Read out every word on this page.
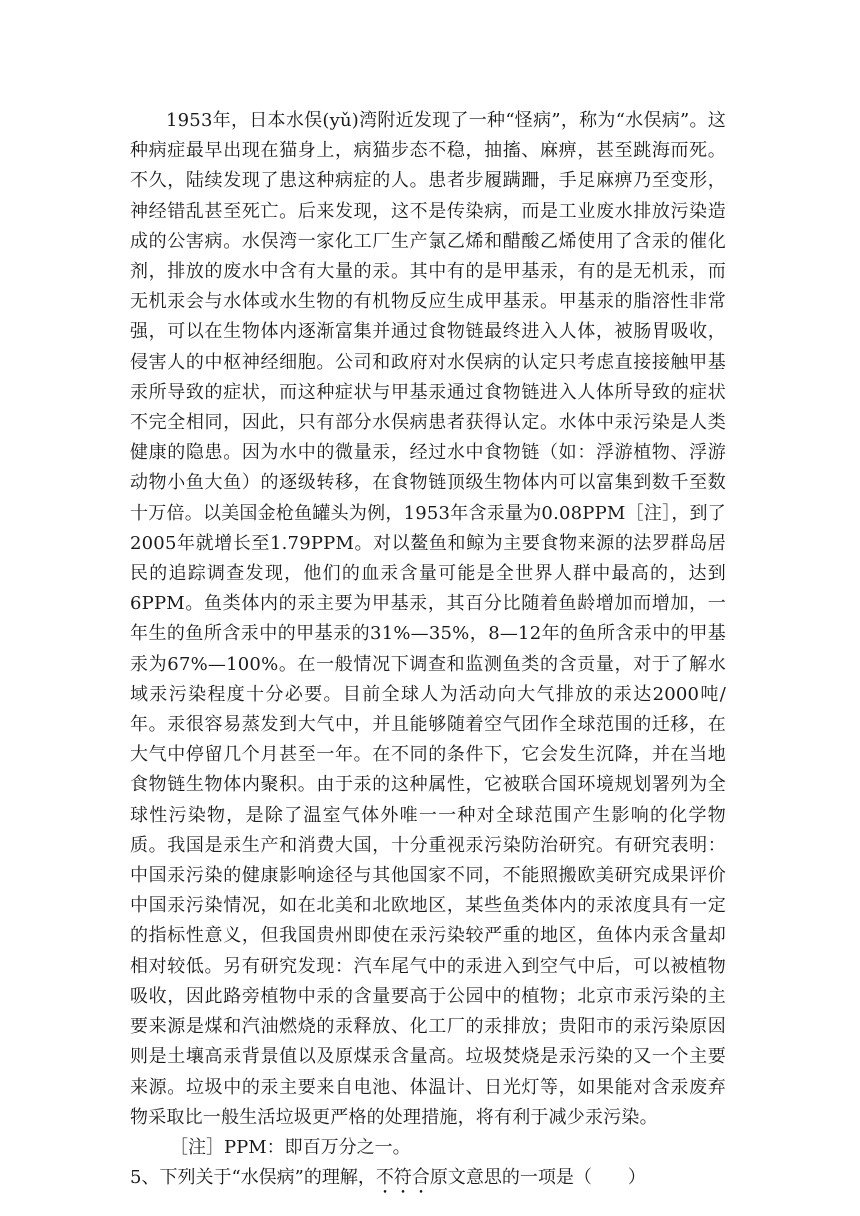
1953年，日本水俣(yǔ)湾附近发现了一种“怪病”，称为“水俣病”。这种病症最早出现在猫身上，病猫步态不稳，抽搐、麻痹，甚至跳海而死。不久，陆续发现了患这种病症的人。患者步履蹒跚，手足麻痹乃至变形，神经错乱甚至死亡。后来发现，这不是传染病，而是工业废水排放污染造成的公害病。水俣湾一家化工厂生产氯乙烯和醋酸乙烯使用了含汞的催化剂，排放的废水中含有大量的汞。其中有的是甲基汞，有的是无机汞，而无机汞会与水体或水生物的有机物反应生成甲基汞。甲基汞的脂溶性非常强，可以在生物体内逐渐富集并通过食物链最终进入人体，被肠胃吸收，侵害人的中枢神经细胞。公司和政府对水俣病的认定只考虑直接接触甲基汞所导致的症状，而这种症状与甲基汞通过食物链进入人体所导致的症状不完全相同，因此，只有部分水俣病患者获得认定。水体中汞污染是人类健康的隐患。因为水中的微量汞，经过水中食物链（如：浮游植物、浮游动物小鱼大鱼）的逐级转移，在食物链顶级生物体内可以富集到数千至数十万倍。以美国金枪鱼罐头为例，1953年含汞量为0.08PPM［注］，到了2005年就增长至1.79PPM。对以鳌鱼和鲸为主要食物来源的法罗群岛居民的追踪调查发现，他们的血汞含量可能是全世界人群中最高的，达到6PPM。鱼类体内的汞主要为甲基汞，其百分比随着鱼龄增加而增加，一年生的鱼所含汞中的甲基汞的31%—35%，8—12年的鱼所含汞中的甲基汞为67%—100%。在一般情况下调查和监测鱼类的含贡量，对于了解水域汞污染程度十分必要。目前全球人为活动向大气排放的汞达2000吨/年。汞很容易蒸发到大气中，并且能够随着空气团作全球范围的迁移，在大气中停留几个月甚至一年。在不同的条件下，它会发生沉降，并在当地食物链生物体内聚积。由于汞的这种属性，它被联合国环境规划署列为全球性污染物，是除了温室气体外唯一一种对全球范围产生影响的化学物质。我国是汞生产和消费大国，十分重视汞污染防治研究。有研究表明：中国汞污染的健康影响途径与其他国家不同，不能照搬欧美研究成果评价中国汞污染情况，如在北美和北欧地区，某些鱼类体内的汞浓度具有一定的指标性意义，但我国贵州即使在汞污染较严重的地区，鱼体内汞含量却相对较低。另有研究发现：汽车尾气中的汞进入到空气中后，可以被植物吸收，因此路旁植物中汞的含量要高于公园中的植物；北京市汞污染的主要来源是煤和汽油燃烧的汞释放、化工厂的汞排放；贵阳市的汞污染原因则是土壤高汞背景值以及原煤汞含量高。垃圾焚烧是汞污染的又一个主要来源。垃圾中的汞主要来自电池、体温计、日光灯等，如果能对含汞废弃物采取比一般生活垃圾更严格的处理措施，将有利于减少汞污染。

［注］PPM：即百万分之一。

5、下列关于“水俣病”的理解，不符合原文意思的一项是（　　）
